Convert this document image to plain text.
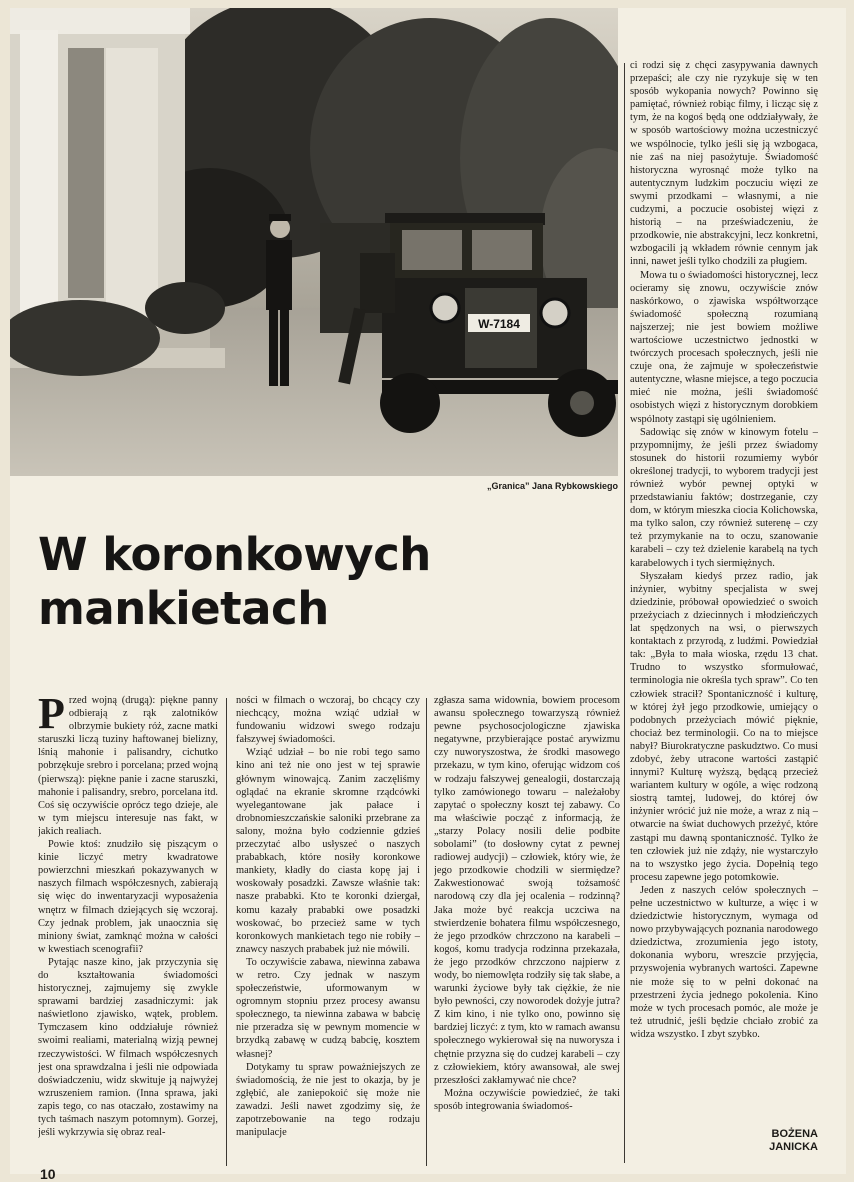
W-7184
„Granica” Jana Rybkowskiego
W koronkowych
mankietach

Przed wojną (drugą): piękne panny odbierają z rąk zalotników olbrzymie bukiety róż, zacne matki staruszki liczą tuziny haftowanej bielizny, lśnią mahonie i palisandry, cichutko pobrzękuje srebro i porcelana; przed wojną (pierwszą): piękne panie i zacne staruszki, mahonie i palisandry, srebro, porcelana itd. Coś się oczywiście oprócz tego dzieje, ale w tym miejscu interesuje nas fakt, w jakich realiach.

Powie ktoś: znudziło się piszącym o kinie liczyć metry kwadratowe powierzchni mieszkań pokazywanych w naszych filmach współczesnych, zabierają się więc do inwentaryzacji wyposażenia wnętrz w filmach dziejących się wczoraj. Czy jednak problem, jak unaocznia się miniony świat, zamknąć można w całości w kwestiach scenografii?

Pytając nasze kino, jak przyczynia się do kształtowania świadomości historycznej, zajmujemy się zwykle sprawami bardziej zasadniczymi: jak naświetlono zjawisko, wątek, problem. Tymczasem kino oddziałuje również swoimi realiami, materialną wizją pewnej rzeczywistości. W filmach współczesnych jest ona sprawdzalna i jeśli nie odpowiada doświadczeniu, widz skwituje ją najwyżej wzruszeniem ramion. (Inna sprawa, jaki zapis tego, co nas otaczało, zostawimy na tych taśmach naszym potomnym). Gorzej, jeśli wykrzywia się obraz real-

ności w filmach o wczoraj, bo chcący czy niechcący, można wziąć udział w fundowaniu widzowi swego rodzaju fałszywej świadomości.

Wziąć udział – bo nie robi tego samo kino ani też nie ono jest w tej sprawie głównym winowajcą. Zanim zaczęliśmy oglądać na ekranie skromne rządcówki wyelegantowane jak pałace i drobnomieszczańskie saloniki przebrane za salony, można było codziennie gdzieś przeczytać albo usłyszeć o naszych prababkach, które nosiły koronkowe mankiety, kładły do ciasta kopę jaj i woskowały posadzki. Zawsze właśnie tak: nasze prababki. Kto te koronki dziergał, komu kazały prababki owe posadzki woskować, bo przecież same w tych koronkowych mankietach tego nie robiły – znawcy naszych prababek już nie mówili.

To oczywiście zabawa, niewinna zabawa w retro. Czy jednak w naszym społeczeństwie, uformowanym w ogromnym stopniu przez procesy awansu społecznego, ta niewinna zabawa w babcię nie przeradza się w pewnym momencie w brzydką zabawę w cudzą babcię, kosztem własnej?

Dotykamy tu spraw poważniejszych ze świadomością, że nie jest to okazja, by je zgłębić, ale zaniepokoić się może nie zawadzi. Jeśli nawet zgodzimy się, że zapotrzebowanie na tego rodzaju manipulacje

zgłasza sama widownia, bowiem procesom awansu społecznego towarzyszą również pewne psychosocjologiczne zjawiska negatywne, przybierające postać arywizmu czy nuworyszostwa, że środki masowego przekazu, w tym kino, oferując widzom coś w rodzaju fałszywej genealogii, dostarczają tylko zamówionego towaru – należałoby zapytać o społeczny koszt tej zabawy. Co ma właściwie począć z informacją, że „starzy Polacy nosili delie podbite sobolami” (to dosłowny cytat z pewnej radiowej audycji) – człowiek, który wie, że jego przodkowie chodzili w siermiędze? Zakwestionować swoją tożsamość narodową czy dla jej ocalenia – rodzinną? Jaka może być reakcja uczciwa na stwierdzenie bohatera filmu współczesnego, że jego przodków chrzczono na karabeli – kogoś, komu tradycja rodzinna przekazała, że jego przodków chrzczono najpierw z wody, bo niemowlęta rodziły się tak słabe, a warunki życiowe były tak ciężkie, że nie było pewności, czy noworodek dożyje jutra? Z kim kino, i nie tylko ono, powinno się bardziej liczyć: z tym, kto w ramach awansu społecznego wykierował się na nuworysza i chętnie przyzna się do cudzej karabeli – czy z człowiekiem, który awansował, ale swej przeszłości zakłamywać nie chce?

Można oczywiście powiedzieć, że taki sposób integrowania świadomoś-

ci rodzi się z chęci zasypywania dawnych przepaści; ale czy nie ryzykuje się w ten sposób wykopania nowych? Powinno się pamiętać, również robiąc filmy, i licząc się z tym, że na kogoś będą one oddziaływały, że w sposób wartościowy można uczestniczyć we wspólnocie, tylko jeśli się ją wzbogaca, nie zaś na niej pasożytuje. Świadomość historyczna wyrosnąć może tylko na autentycznym ludzkim poczuciu więzi ze swymi przodkami – własnymi, a nie cudzymi, a poczucie osobistej więzi z historią – na przeświadczeniu, że przodkowie, nie abstrakcyjni, lecz konkretni, wzbogacili ją wkładem równie cennym jak inni, nawet jeśli tylko chodzili za pługiem.

Mowa tu o świadomości historycznej, lecz ocieramy się znowu, oczywiście znów naskórkowo, o zjawiska współtworzące świadomość społeczną rozumianą najszerzej; nie jest bowiem możliwe wartościowe uczestnictwo jednostki w twórczych procesach społecznych, jeśli nie czuje ona, że zajmuje w społeczeństwie autentyczne, własne miejsce, a tego poczucia mieć nie można, jeśli świadomość osobistych więzi z historycznym dorobkiem wspólnoty zastąpi się ugólnieniem.

Sadowiąc się znów w kinowym fotelu – przypomnijmy, że jeśli przez świadomy stosunek do historii rozumiemy wybór określonej tradycji, to wyborem tradycji jest również wybór pewnej optyki w przedstawianiu faktów; dostrzeganie, czy dom, w którym mieszka ciocia Kolichowska, ma tylko salon, czy również suterenę – czy też przymykanie na to oczu, szanowanie karabeli – czy też dzielenie karabelą na tych karabelowych i tych siermiężnych.

Słyszałam kiedyś przez radio, jak inżynier, wybitny specjalista w swej dziedzinie, próbował opowiedzieć o swoich przeżyciach z dziecinnych i młodzieńczych lat spędzonych na wsi, o pierwszych kontaktach z przyrodą, z ludźmi. Powiedział tak: „Była to mała wioska, rzędu 13 chat. Trudno to wszystko sformułować, terminologia nie określa tych spraw”. Co ten człowiek stracił? Spontaniczność i kulturę, w której żył jego przodkowie, umiejący o podobnych przeżyciach mówić pięknie, chociaż bez terminologii. Co na to miejsce nabył? Biurokratyczne paskudztwo. Co musi zdobyć, żeby utracone wartości zastąpić innymi? Kulturę wyższą, będącą przecież wariantem kultury w ogóle, a więc rodzoną siostrą tamtej, ludowej, do której ów inżynier wrócić już nie może, a wraz z nią – otwarcie na świat duchowych przeżyć, które zastąpi mu dawną spontaniczność. Tylko że ten człowiek już nie zdąży, nie wystarczyło na to wszystko jego życia. Dopełnią tego procesu zapewne jego potomkowie.

Jeden z naszych celów społecznych – pełne uczestnictwo w kulturze, a więc i w dziedzictwie historycznym, wymaga od nowo przybywających poznania narodowego dziedzictwa, zrozumienia jego istoty, dokonania wyboru, wreszcie przyjęcia, przyswojenia wybranych wartości. Zapewne nie może się to w pełni dokonać na przestrzeni życia jednego pokolenia. Kino może w tych procesach pomóc, ale może je też utrudnić, jeśli będzie chciało zrobić za widza wszystko. I zbyt szybko.

BOŻENA
JANICKA
10
